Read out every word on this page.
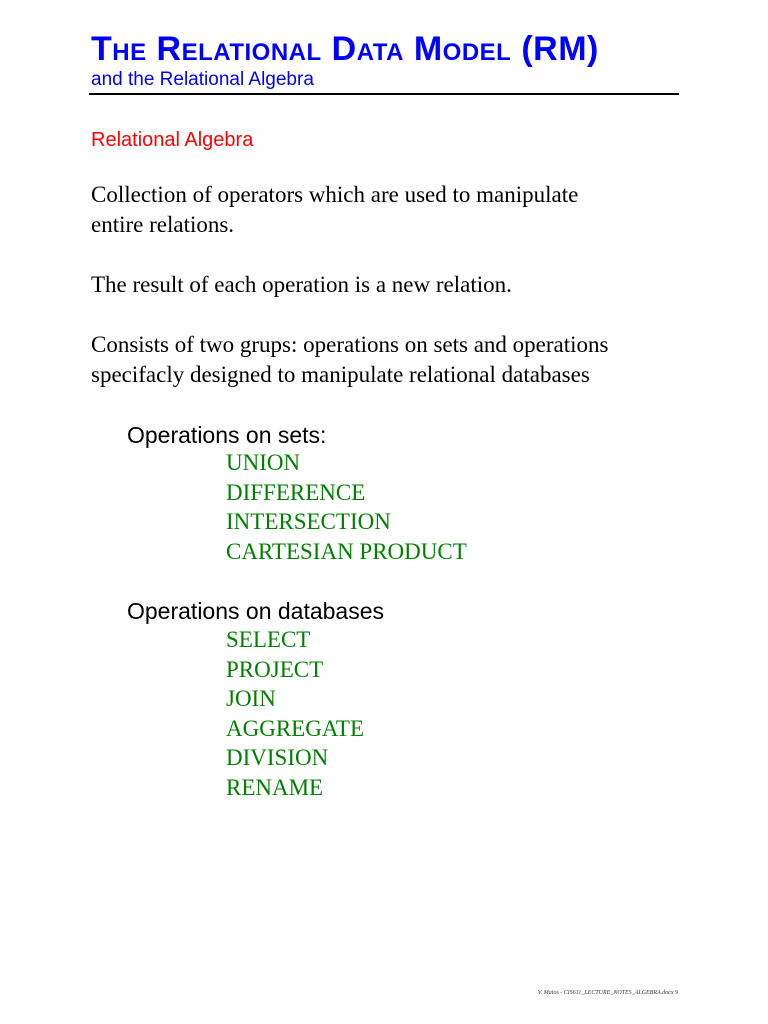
The Relational Data Model (RM)
and the Relational Algebra
Relational Algebra
Collection of operators which are used to manipulate
entire relations.
The result of each operation is a new relation.
Consists of two grups: operations on sets and operations
specifacly designed to manipulate relational databases
Operations on sets:
UNION
DIFFERENCE
INTERSECTION
CARTESIAN PRODUCT
Operations on databases
SELECT
PROJECT
JOIN
AGGREGATE
DIVISION
RENAME
V. Matos - CIS611_LECTURE_NOTES_ALGEBRA.docx 9
